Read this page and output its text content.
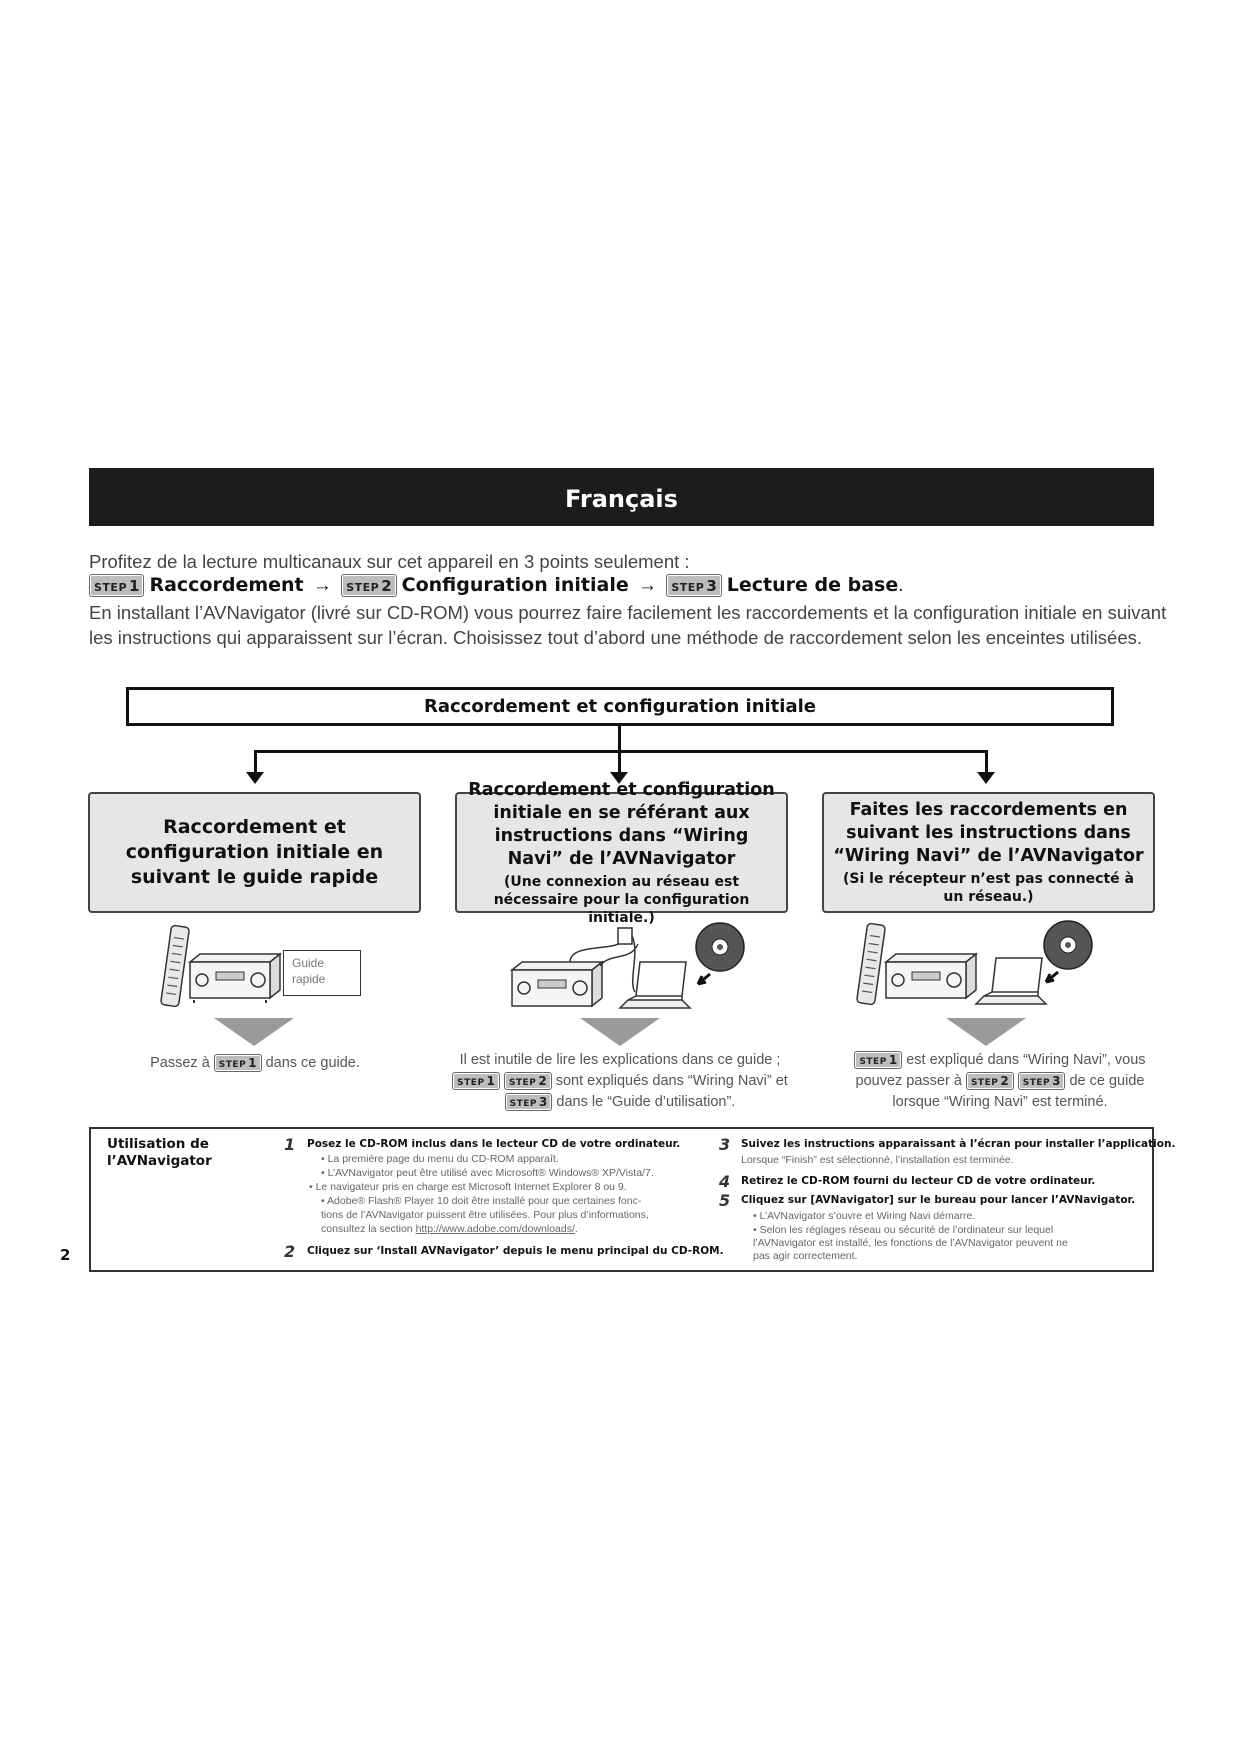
Français
Profitez de la lecture multicanaux sur cet appareil en 3 points seulement :
STEP 1 Raccordement → STEP 2 Configuration initiale → STEP 3 Lecture de base.
En installant l’AVNavigator (livré sur CD-ROM) vous pourrez faire facilement les raccordements et la configuration initiale en suivant les instructions qui apparaissent sur l’écran. Choisissez tout d’abord une méthode de raccordement selon les enceintes utilisées.
Raccordement et configuration initiale
Raccordement et configuration initiale en suivant le guide rapide
Raccordement et configuration initiale en se référant aux instructions dans “Wiring Navi” de l’AVNavigator
(Une connexion au réseau est nécessaire pour la configuration initiale.)
Faites les raccordements en suivant les instructions dans “Wiring Navi” de l’AVNavigator
(Si le récepteur n’est pas connecté à un réseau.)
Guide
rapide
Passez à STEP 1 dans ce guide.	Il est inutile de lire les explications dans ce guide ;
STEP 1 STEP 2 sont expliqués dans “Wiring Navi” et
STEP 3 dans le “Guide d’utilisation”.
STEP 1 est expliqué dans “Wiring Navi”, vous
pouvez passer à STEP 2 STEP 3 de ce guide
lorsque “Wiring Navi” est terminé.
Utilisation de
l’AVNavigator
1 Posez le CD-ROM inclus dans le lecteur CD de votre ordinateur.
• La première page du menu du CD-ROM apparaît.
• L’AVNavigator peut être utilisé avec Microsoft® Windows® XP/Vista/7.
• Le navigateur pris en charge est Microsoft Internet Explorer 8 ou 9.
• Adobe® Flash® Player 10 doit être installé pour que certaines fonc-
tions de l’AVNavigator puissent être utilisées. Pour plus d’informations,
consultez la section http://www.adobe.com/downloads/.
2 Cliquez sur ‘Install AVNavigator’ depuis le menu principal du CD-ROM.
3 Suivez les instructions apparaissant à l’écran pour installer l’application.
Lorsque “Finish” est sélectionné, l’installation est terminée.
4 Retirez le CD-ROM fourni du lecteur CD de votre ordinateur.
5 Cliquez sur [AVNavigator] sur le bureau pour lancer l’AVNavigator.
• L’AVNavigator s’ouvre et Wiring Navi démarre.
• Selon les réglages réseau ou sécurité de l’ordinateur sur lequel
l’AVNavigator est installé, les fonctions de l’AVNavigator peuvent ne
pas agir correctement.
2
